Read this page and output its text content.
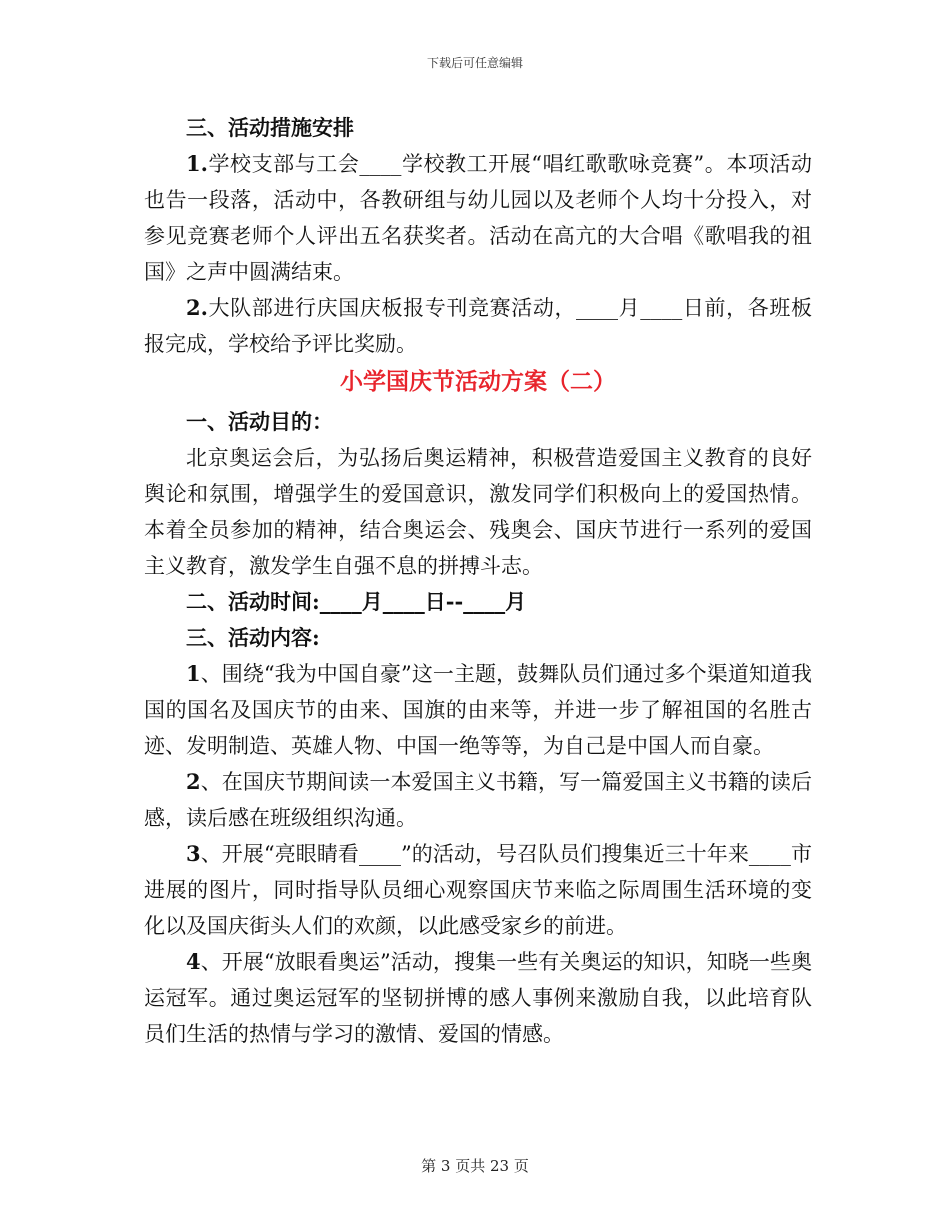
下载后可任意编辑

三、活动措施安排

1.学校支部与工会____学校教工开展“唱红歌歌咏竞赛”。本项活动也告一段落，活动中，各教研组与幼儿园以及老师个人均十分投入，对参见竞赛老师个人评出五名获奖者。活动在高亢的大合唱《歌唱我的祖国》之声中圆满结束。

2.大队部进行庆国庆板报专刊竞赛活动，____月____日前，各班板报完成，学校给予评比奖励。

小学国庆节活动方案（二）

一、活动目的：

北京奥运会后，为弘扬后奥运精神，积极营造爱国主义教育的良好舆论和氛围，增强学生的爱国意识，激发同学们积极向上的爱国热情。本着全员参加的精神，结合奥运会、残奥会、国庆节进行一系列的爱国主义教育，激发学生自强不息的拼搏斗志。

二、活动时间:____月____日--____月

三、活动内容:

1、围绕“我为中国自豪”这一主题，鼓舞队员们通过多个渠道知道我国的国名及国庆节的由来、国旗的由来等，并进一步了解祖国的名胜古迹、发明制造、英雄人物、中国一绝等等，为自己是中国人而自豪。

2、在国庆节期间读一本爱国主义书籍，写一篇爱国主义书籍的读后感，读后感在班级组织沟通。

3、开展“亮眼睛看____”的活动，号召队员们搜集近三十年来____市进展的图片，同时指导队员细心观察国庆节来临之际周围生活环境的变化以及国庆街头人们的欢颜，以此感受家乡的前进。

4、开展“放眼看奥运”活动，搜集一些有关奥运的知识，知晓一些奥运冠军。通过奥运冠军的坚韧拼博的感人事例来激励自我，以此培育队员们生活的热情与学习的激情、爱国的情感。

第 3 页共 23 页
